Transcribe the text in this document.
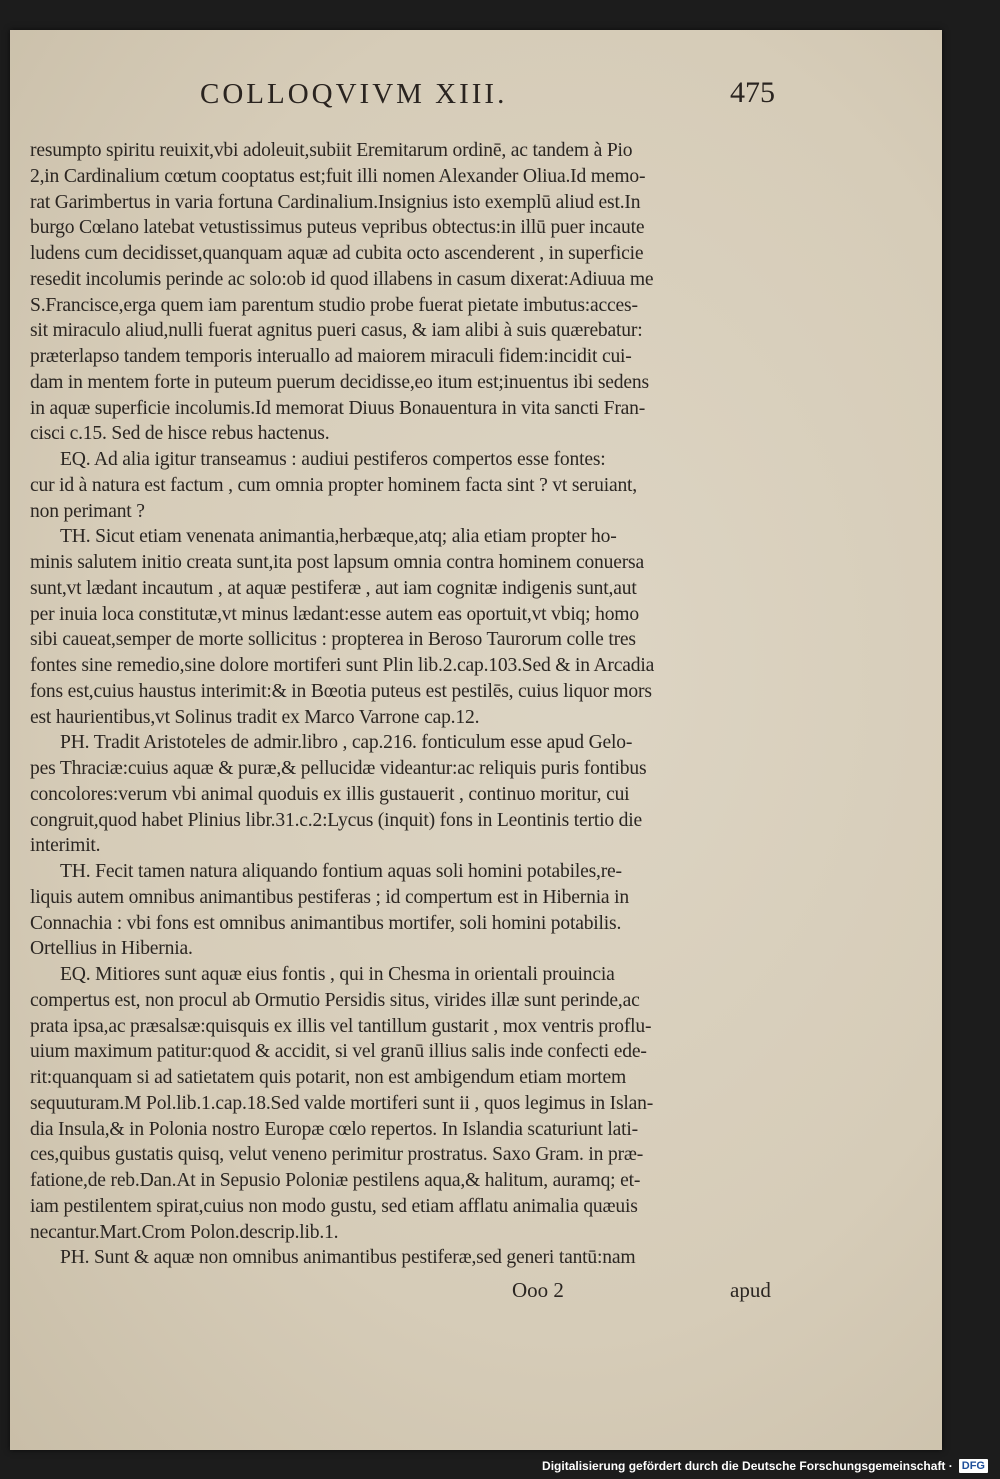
COLLOQVIVM XIII.	475
resumpto spiritu reuixit,vbi adoleuit,subiit Eremitarum ordinē, ac tandem à Pio
2,in Cardinalium cœtum cooptatus est;fuit illi nomen Alexander Oliua.Id memo-
rat Garimbertus in varia fortuna Cardinalium.Insignius isto exemplū aliud est.In
burgo Cœlano latebat vetustissimus puteus vepribus obtectus:in illū puer incaute
ludens cum decidisset,quanquam aquæ ad cubita octo ascenderent , in superficie
resedit incolumis perinde ac solo:ob id quod illabens in casum dixerat:Adiuua me
S.Francisce,erga quem iam parentum studio probe fuerat pietate imbutus:acces-
sit miraculo aliud,nulli fuerat agnitus pueri casus, & iam alibi à suis quærebatur:
præterlapso tandem temporis interuallo ad maiorem miraculi fidem:incidit cui-
dam in mentem forte in puteum puerum decidisse,eo itum est;inuentus ibi sedens
in aquæ superficie incolumis.Id memorat Diuus Bonauentura in vita sancti Fran-
cisci c.15. Sed de hisce rebus hactenus.
EQ. Ad alia igitur transeamus : audiui pestiferos compertos esse fontes:
cur id à natura est factum , cum omnia propter hominem facta sint ? vt seruiant,
non perimant ?
TH. Sicut etiam venenata animantia,herbæque,atq; alia etiam propter ho-
minis salutem initio creata sunt,ita post lapsum omnia contra hominem conuersa
sunt,vt lædant incautum , at aquæ pestiferæ , aut iam cognitæ indigenis sunt,aut
per inuia loca constitutæ,vt minus lædant:esse autem eas oportuit,vt vbiq; homo
sibi caueat,semper de morte sollicitus : propterea in Beroso Taurorum colle tres
fontes sine remedio,sine dolore mortiferi sunt Plin lib.2.cap.103.Sed & in Arcadia
fons est,cuius haustus interimit:& in Bœotia puteus est pestilēs, cuius liquor mors
est haurientibus,vt Solinus tradit ex Marco Varrone cap.12.
PH. Tradit Aristoteles de admir.libro , cap.216. fonticulum esse apud Gelo-
pes Thraciæ:cuius aquæ & puræ,& pellucidæ videantur:ac reliquis puris fontibus
concolores:verum vbi animal quoduis ex illis gustauerit , continuo moritur, cui
congruit,quod habet Plinius libr.31.c.2:Lycus (inquit) fons in Leontinis tertio die
interimit.
TH. Fecit tamen natura aliquando fontium aquas soli homini potabiles,re-
liquis autem omnibus animantibus pestiferas ; id compertum est in Hibernia in
Connachia : vbi fons est omnibus animantibus mortifer, soli homini potabilis.
Ortellius in Hibernia.
EQ. Mitiores sunt aquæ eius fontis , qui in Chesma in orientali prouincia
compertus est, non procul ab Ormutio Persidis situs, virides illæ sunt perinde,ac
prata ipsa,ac præsalsæ:quisquis ex illis vel tantillum gustarit , mox ventris proflu-
uium maximum patitur:quod & accidit, si vel granū illius salis inde confecti ede-
rit:quanquam si ad satietatem quis potarit, non est ambigendum etiam mortem
sequuturam.M Pol.lib.1.cap.18.Sed valde mortiferi sunt ii , quos legimus in Islan-
dia Insula,& in Polonia nostro Europæ cœlo repertos. In Islandia scaturiunt lati-
ces,quibus gustatis quisq, velut veneno perimitur prostratus. Saxo Gram. in præ-
fatione,de reb.Dan.At in Sepusio Poloniæ pestilens aqua,& halitum, auramq; et-
iam pestilentem spirat,cuius non modo gustu, sed etiam afflatu animalia quæuis
necantur.Mart.Crom Polon.descrip.lib.1.
PH. Sunt & aquæ non omnibus animantibus pestiferæ,sed generi tantū:nam
Ooo 2	apud
Digitalisierung gefördert durch die Deutsche Forschungsgemeinschaft · DFG
